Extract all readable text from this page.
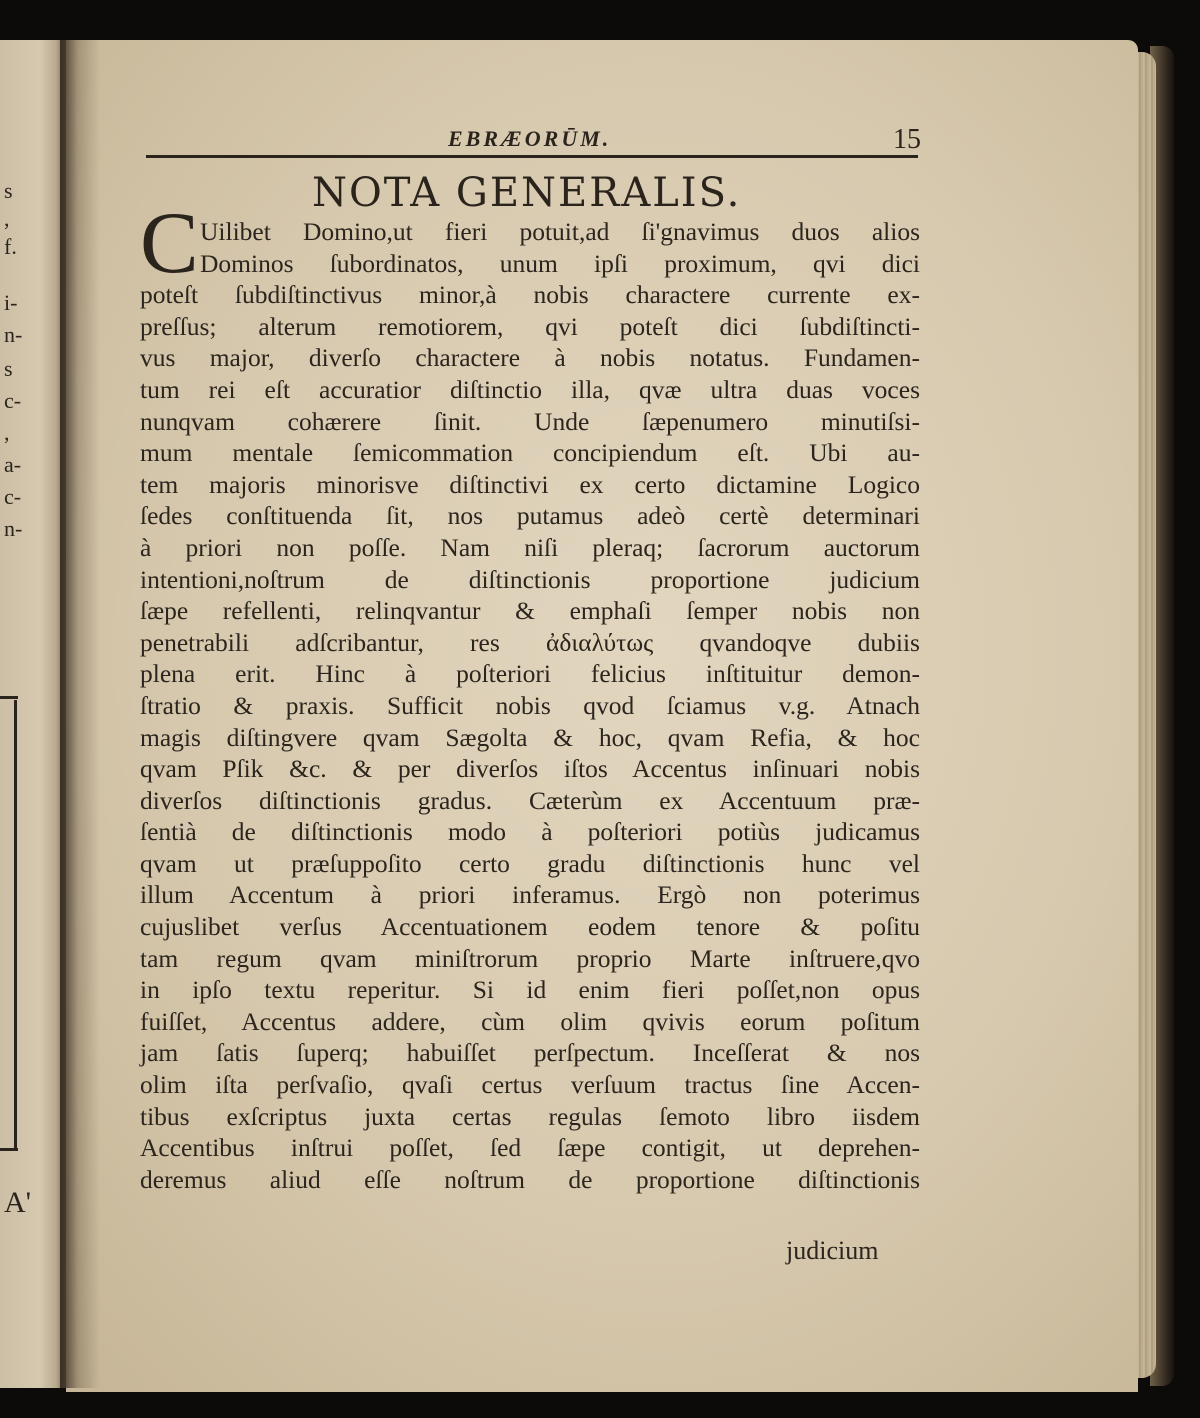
s
,
f.
i-
n-
s
c-
,
a-
c-
n-
A'
EBRÆORŪM.	15
NOTA GENERALIS.
C Uilibet Domino,ut fieri potuit,ad ſi'gnavimus duos alios
Dominos ſubordinatos, unum ipſi proximum, qvi dici
poteſt ſubdiſtinctivus minor,à nobis charactere currente ex-
preſſus; alterum remotiorem, qvi poteſt dici ſubdiſtincti-
vus major, diverſo charactere à nobis notatus. Fundamen-
tum rei eſt accuratior diſtinctio illa, qvæ ultra duas voces
nunqvam cohærere ſinit. Unde ſæpenumero minutiſsi-
mum mentale ſemicommation concipiendum eſt. Ubi au-
tem majoris minorisve diſtinctivi ex certo dictamine Logico
ſedes conſtituenda ſit, nos putamus adeò certè determinari
à priori non poſſe. Nam niſi pleraq; ſacrorum auctorum
intentioni,noſtrum de diſtinctionis proportione judicium
ſæpe refellenti, relinqvantur & emphaſi ſemper nobis non
penetrabili adſcribantur, res ἀδιαλύτως qvandoqve dubiis
plena erit. Hinc à poſteriori felicius inſtituitur demon-
ſtratio & praxis. Sufficit nobis qvod ſciamus v.g. Atnach
magis diſtingvere qvam Sægolta & hoc, qvam Refia, & hoc
qvam Pſik &c. & per diverſos iſtos Accentus inſinuari nobis
diverſos diſtinctionis gradus. Cæterùm ex Accentuum præ-
ſentià de diſtinctionis modo à poſteriori potiùs judicamus
qvam ut præſuppoſito certo gradu diſtinctionis hunc vel
illum Accentum à priori inferamus. Ergò non poterimus
cujuslibet verſus Accentuationem eodem tenore & poſitu
tam regum qvam miniſtrorum proprio Marte inſtruere,qvo
in ipſo textu reperitur. Si id enim fieri poſſet,non opus
fuiſſet, Accentus addere, cùm olim qvivis eorum poſitum
jam ſatis ſuperq; habuiſſet perſpectum. Inceſſerat & nos
olim iſta perſvaſio, qvaſi certus verſuum tractus ſine Accen-
tibus exſcriptus juxta certas regulas ſemoto libro iisdem
Accentibus inſtrui poſſet, ſed ſæpe contigit, ut deprehen-
deremus aliud eſſe noſtrum de proportione diſtinctionis
judicium
